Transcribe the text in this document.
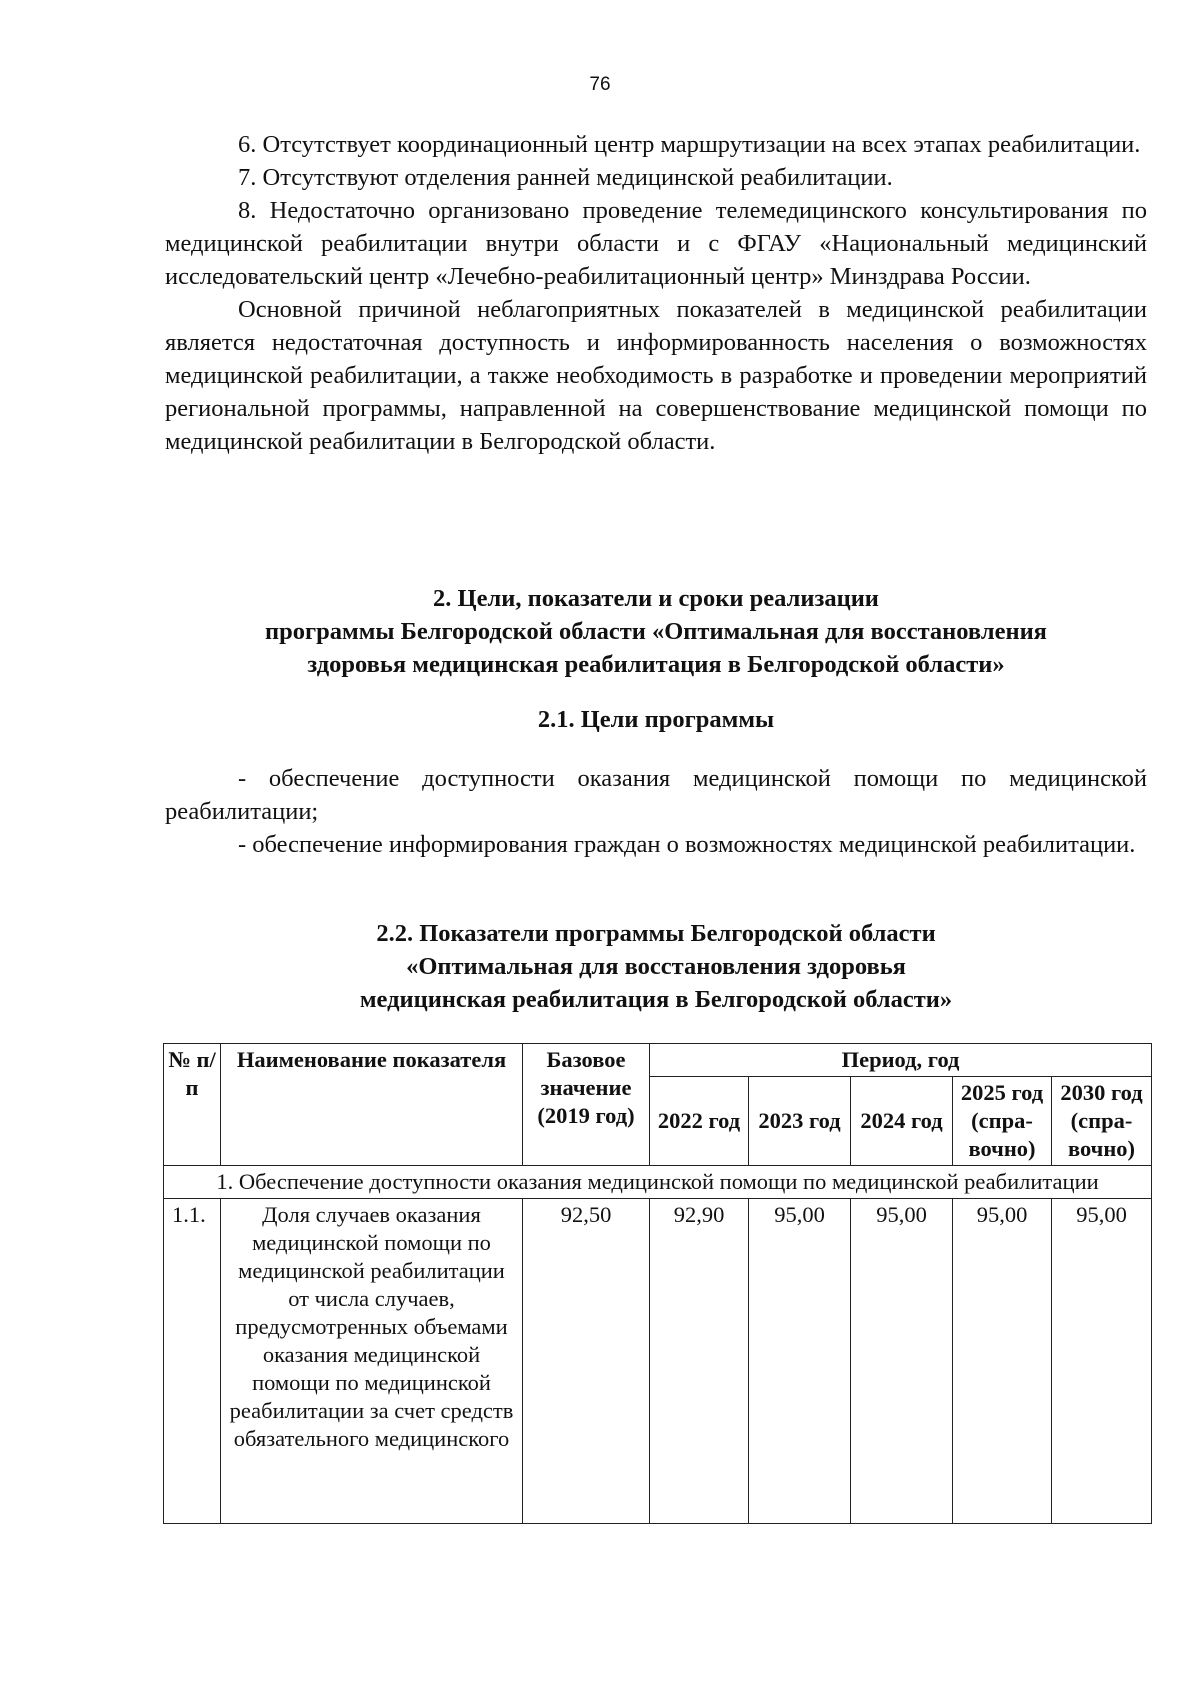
76

6. Отсутствует координационный центр маршрутизации на всех этапах реабилитации.

7. Отсутствуют отделения ранней медицинской реабилитации.

8. Недостаточно организовано проведение телемедицинского консультирования по медицинской реабилитации внутри области и с ФГАУ «Национальный медицинский исследовательский центр «Лечебно-реабилитационный центр» Минздрава России.

Основной причиной неблагоприятных показателей в медицинской реабилитации является недостаточная доступность и информированность населения о возможностях медицинской реабилитации, а также необходимость в разработке и проведении мероприятий региональной программы, направленной на совершенствование медицинской помощи по медицинской реабилитации в Белгородской области.

2. Цели, показатели и сроки реализации
программы Белгородской области «Оптимальная для восстановления
здоровья медицинская реабилитация в Белгородской области»
2.1. Цели программы

- обеспечение доступности оказания медицинской помощи по медицинской реабилитации;

- обеспечение информирования граждан о возможностях медицинской реабилитации.

2.2. Показатели программы Белгородской области
«Оптимальная для восстановления здоровья
медицинская реабилитация в Белгородской области»
№ п/п	Наименование показателя	Базовое значение (2019 год)	Период, год				
			2022 год	2023 год	2024 год	2025 год (спра-вочно)	2030 год (спра-вочно)
1. Обеспечение доступности оказания медицинской помощи по медицинской реабилитации							
1.1.	Доля случаев оказания медицинской помощи по медицинской реабилитации от числа случаев, предусмотренных объемами оказания медицинской помощи по медицинской реабилитации за счет средств обязательного медицинского	92,50	92,90	95,00	95,00	95,00	95,00
